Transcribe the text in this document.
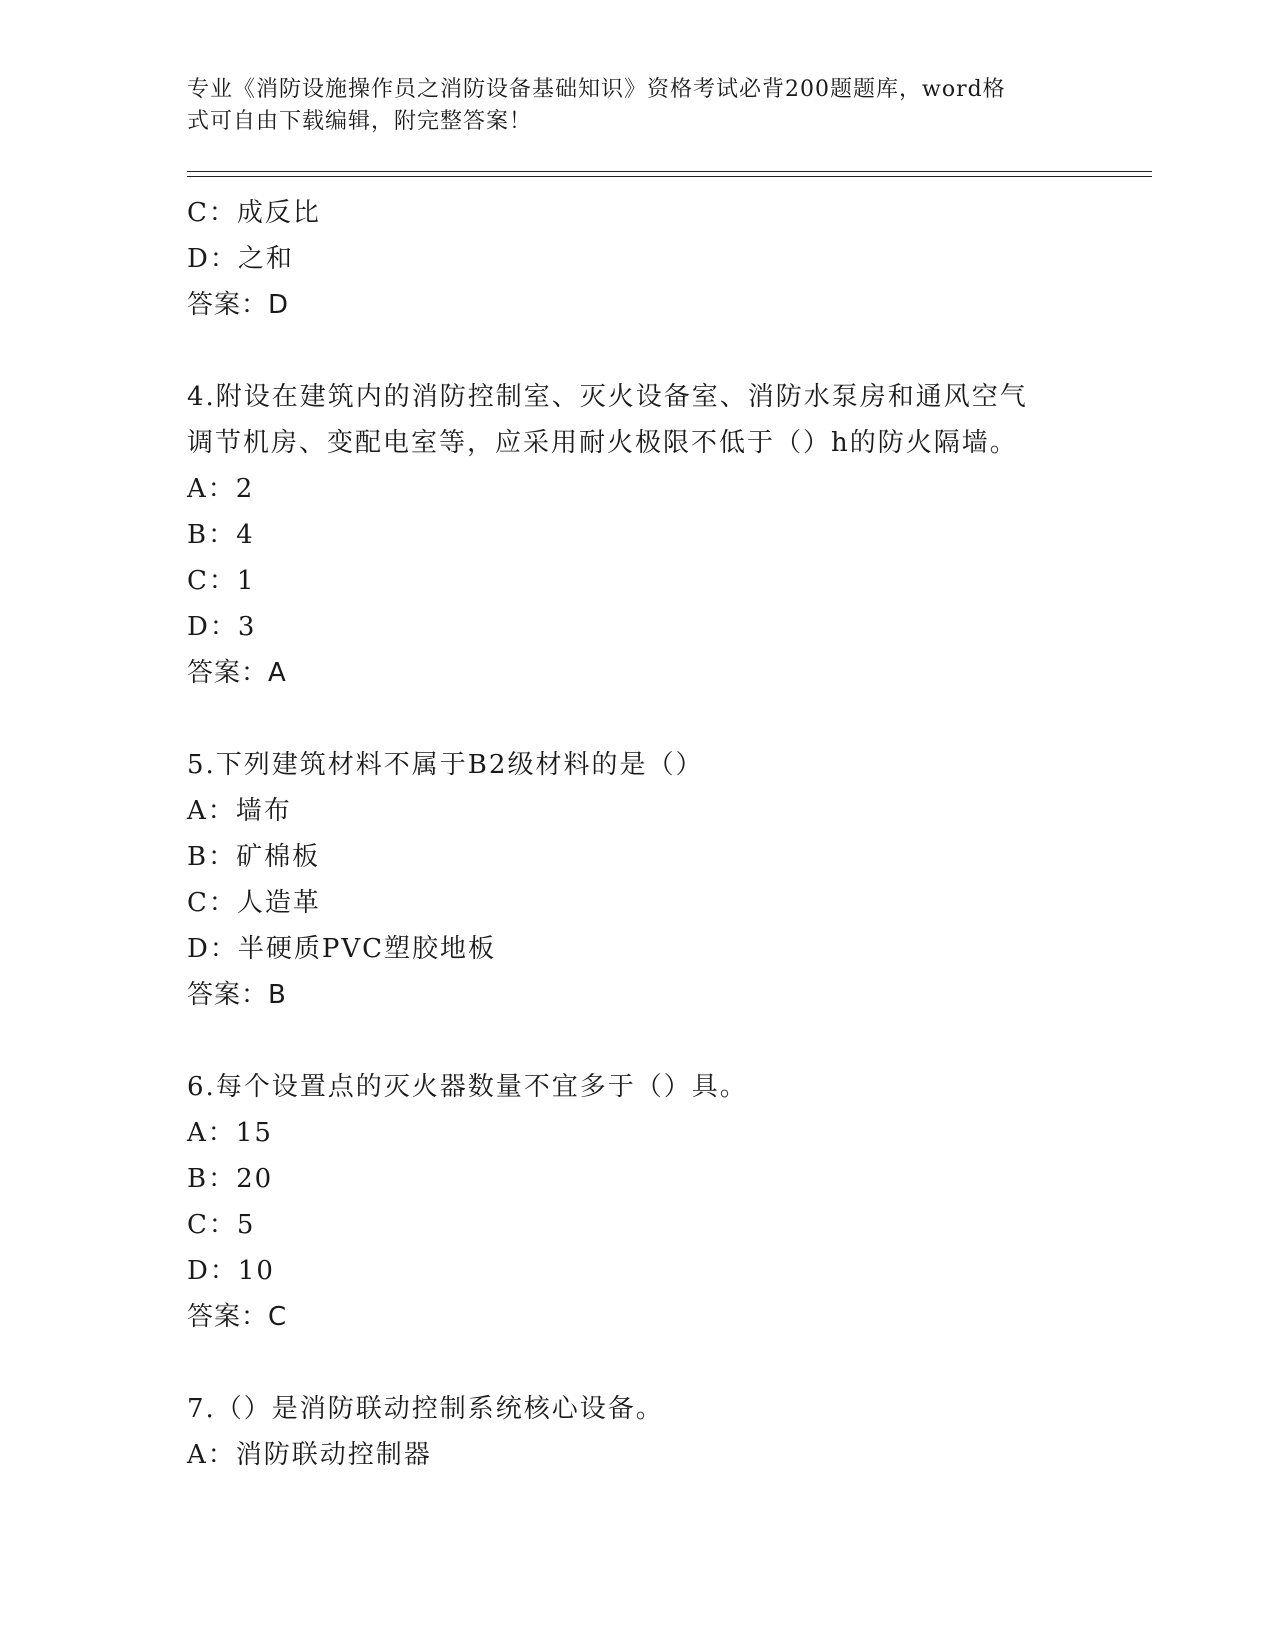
专业《消防设施操作员之消防设备基础知识》资格考试必背200题题库，word格
式可自由下载编辑，附完整答案！
C：成反比
D：之和
答案：D
4.附设在建筑内的消防控制室、灭火设备室、消防水泵房和通风空气
调节机房、变配电室等，应采用耐火极限不低于（）h的防火隔墙。
A：2
B：4
C：1
D：3
答案：A
5.下列建筑材料不属于B2级材料的是（）
A：墙布
B：矿棉板
C：人造革
D：半硬质PVC塑胶地板
答案：B
6.每个设置点的灭火器数量不宜多于（）具。
A：15
B：20
C：5
D：10
答案：C
7.（）是消防联动控制系统核心设备。
A：消防联动控制器
